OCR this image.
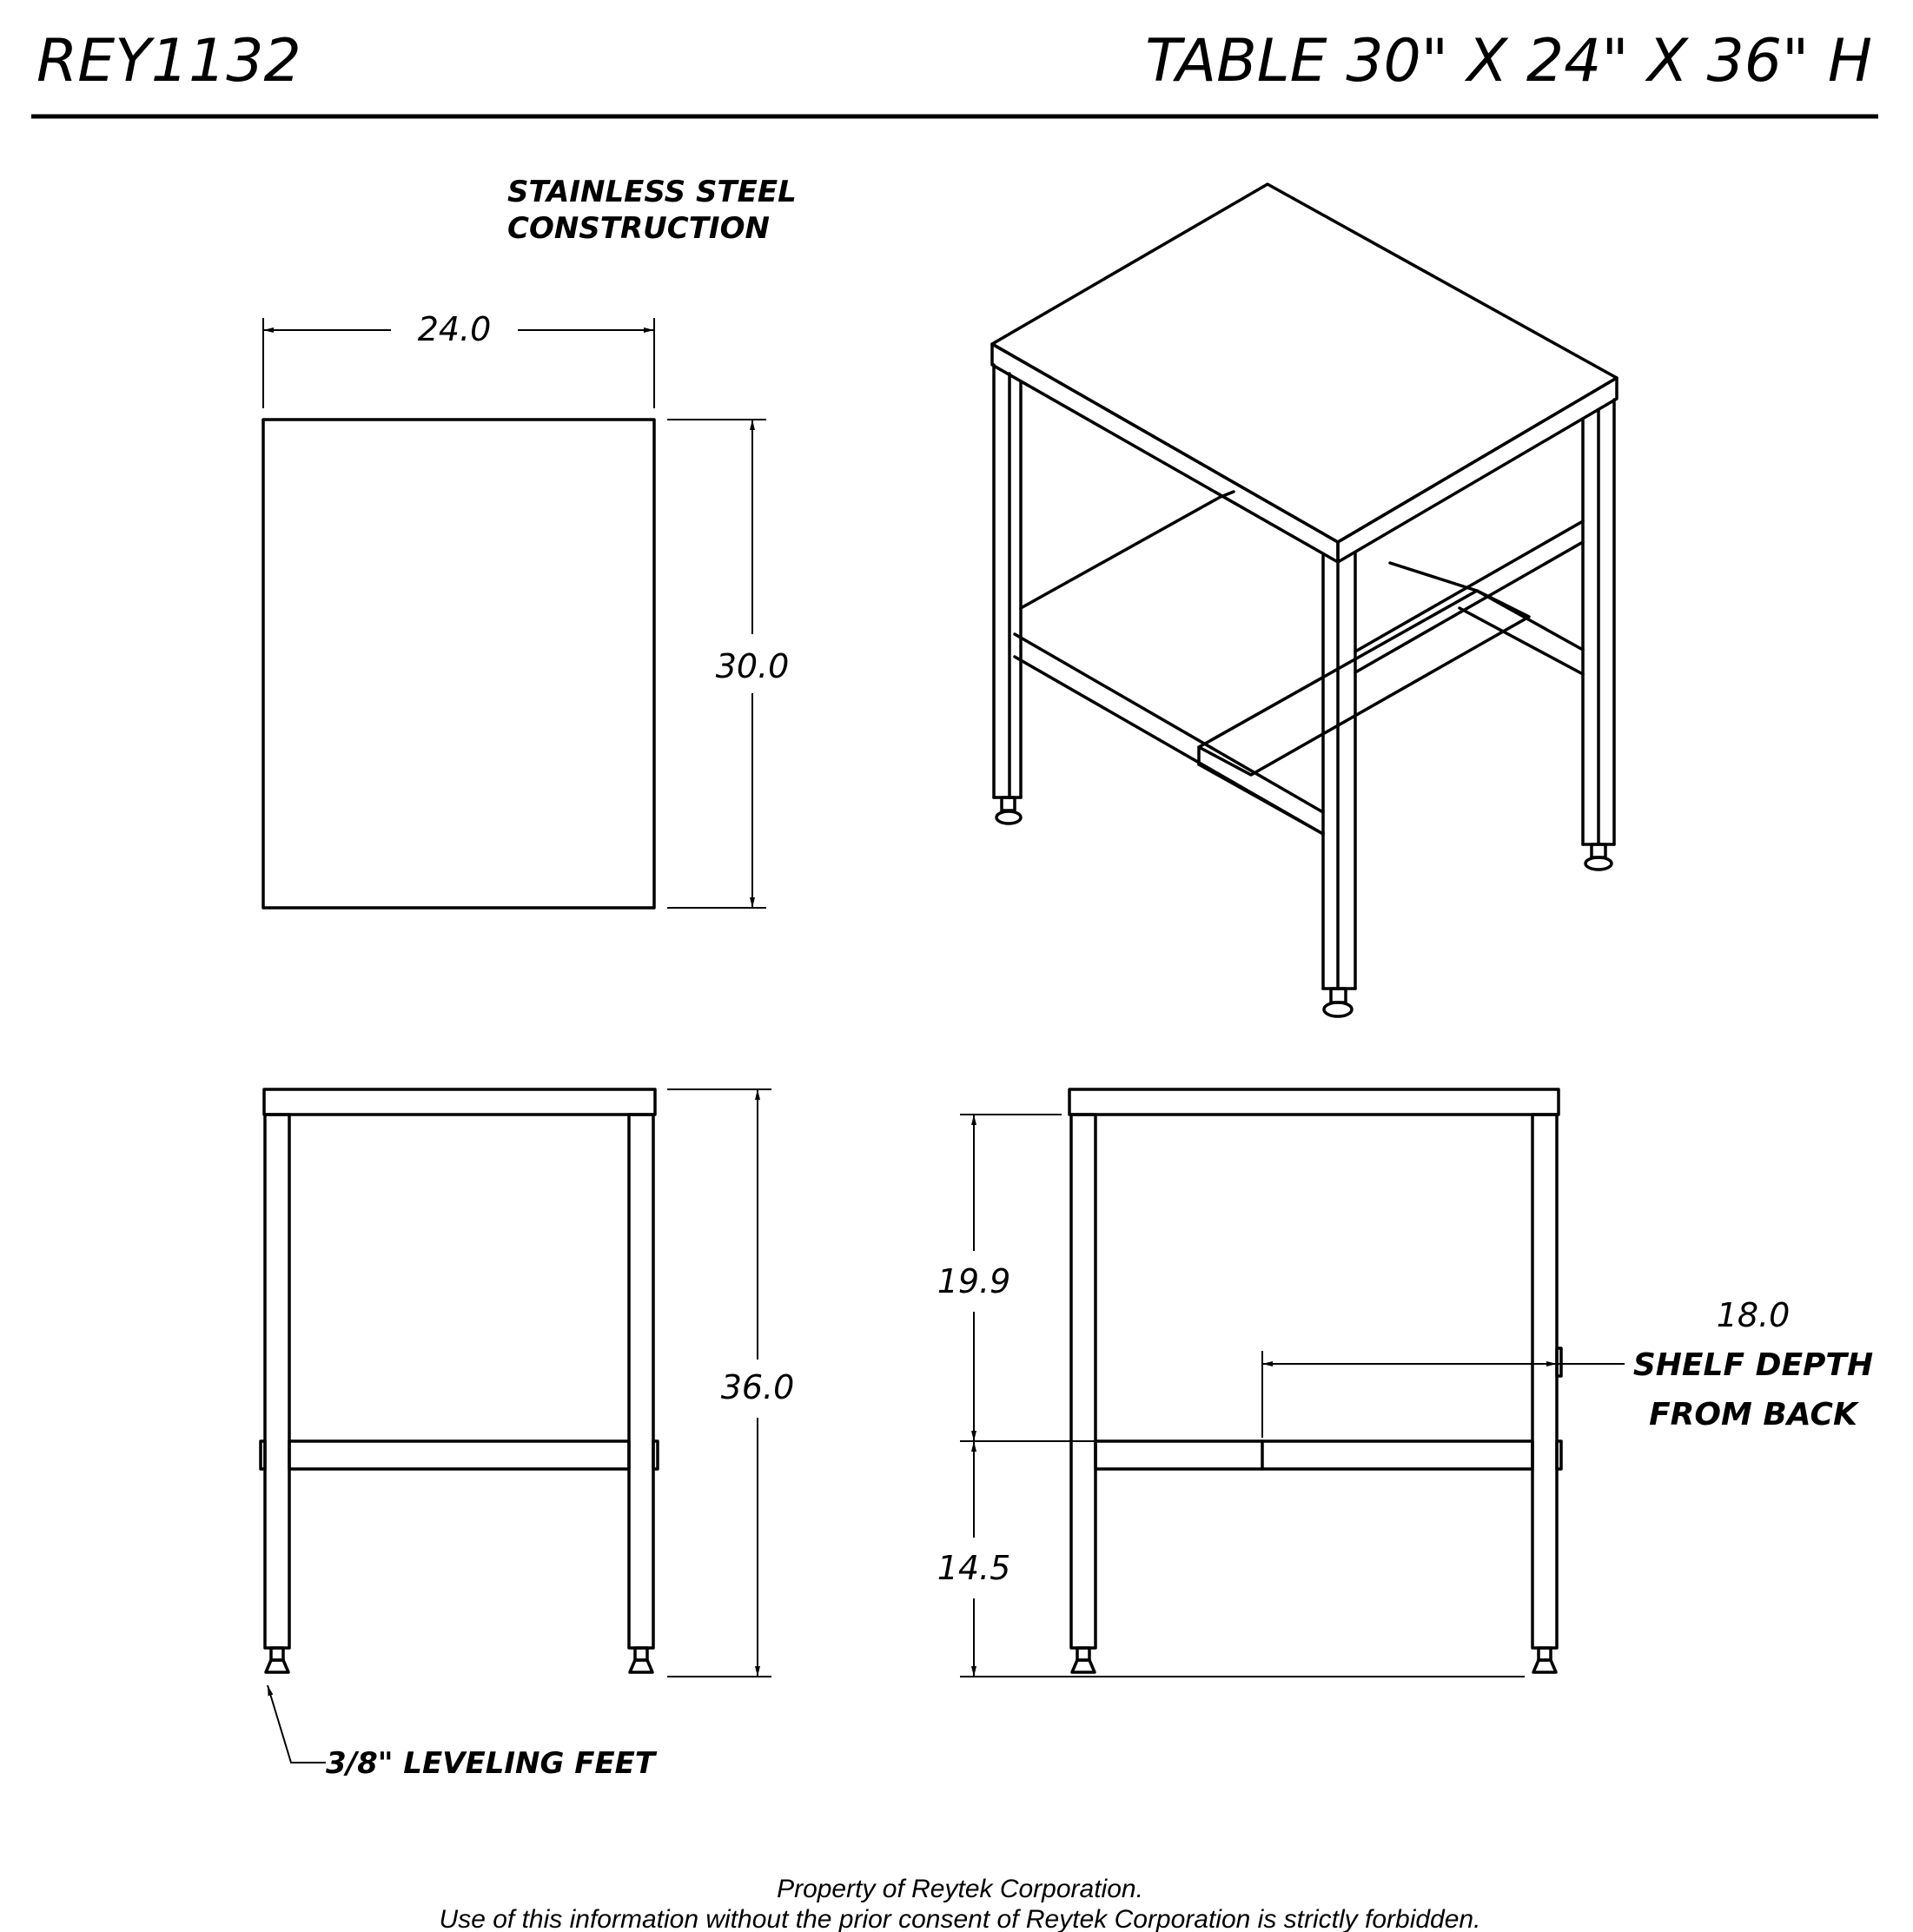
REY1132	TABLE 30" X 24" X 36" H
STAINLESS STEEL
CONSTRUCTION
24.0
30.0
36.0
3/8" LEVELING FEET
19.9
14.5
18.0
SHELF DEPTH
FROM BACK
Property of Reytek Corporation.
Use of this information without the prior consent of Reytek Corporation is strictly forbidden.
